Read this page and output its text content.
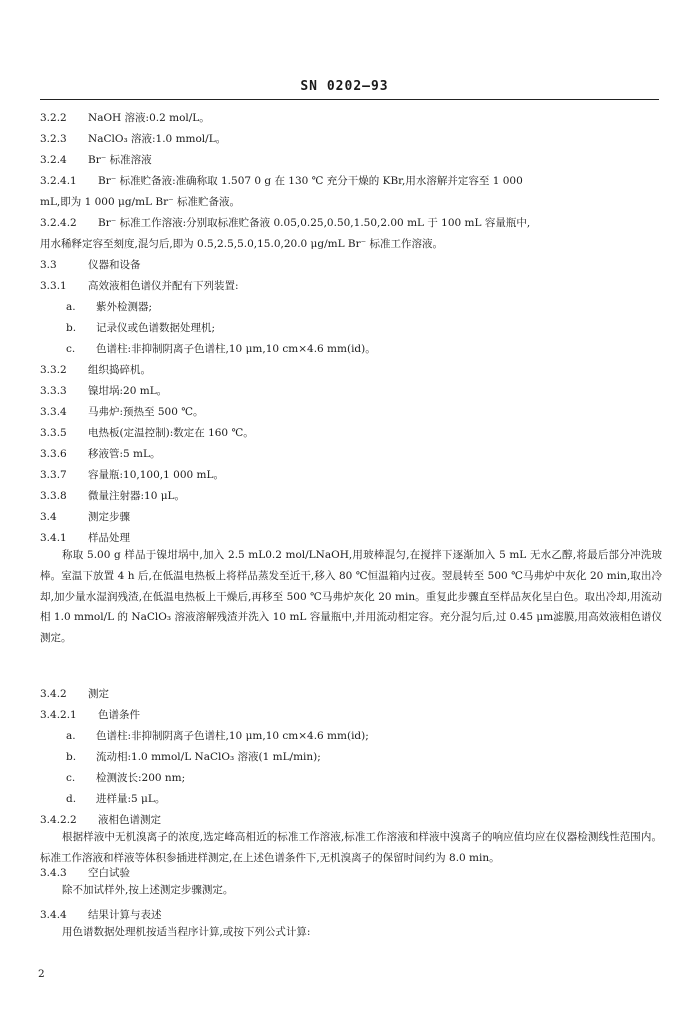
SN 0202—93
3.2.2 NaOH 溶液:0.2 mol/L。
3.2.3 NaClO₃ 溶液:1.0 mmol/L。
3.2.4 Br⁻ 标准溶液
3.2.4.1 Br⁻ 标准贮备液:准确称取 1.507 0 g 在 130 ℃ 充分干燥的 KBr,用水溶解并定容至 1 000
mL,即为 1 000 μg/mL Br⁻ 标准贮备液。
3.2.4.2 Br⁻ 标准工作溶液:分别取标准贮备液 0.05,0.25,0.50,1.50,2.00 mL 于 100 mL 容量瓶中,
用水稀释定容至刻度,混匀后,即为 0.5,2.5,5.0,15.0,20.0 μg/mL Br⁻ 标准工作溶液。
3.3	仪器和设备
3.3.1 高效液相色谱仪并配有下列装置:
a. 紫外检测器;
b. 记录仪或色谱数据处理机;
c. 色谱柱:非抑制阴离子色谱柱,10 μm,10 cm×4.6 mm(id)。
3.3.2 组织捣碎机。
3.3.3 镍坩埚:20 mL。
3.3.4 马弗炉:预热至 500 ℃。
3.3.5 电热板(定温控制):数定在 160 ℃。
3.3.6 移液管:5 mL。
3.3.7 容量瓶:10,100,1 000 mL。
3.3.8 微量注射器:10 μL。
3.4	测定步骤
3.4.1 样品处理
称取 5.00 g 样品于镍坩埚中,加入 2.5 mL0.2 mol/LNaOH,用玻棒混匀,在搅拌下逐渐加入 5 mL 无水乙醇,将最后部分冲洗玻棒。室温下放置 4 h 后,在低温电热板上将样品蒸发至近干,移入 80 ℃恒温箱内过夜。翌晨转至 500 ℃马弗炉中灰化 20 min,取出冷却,加少量水湿润残渣,在低温电热板上干燥后,再移至 500 ℃马弗炉灰化 20 min。重复此步骤直至样品灰化呈白色。取出冷却,用流动相 1.0 mmol/L 的 NaClO₃ 溶液溶解残渣并洗入 10 mL 容量瓶中,并用流动相定容。充分混匀后,过 0.45 μm滤膜,用高效液相色谱仪测定。
3.4.2 测定
3.4.2.1 色谱条件
a. 色谱柱:非抑制阴离子色谱柱,10 μm,10 cm×4.6 mm(id);
b. 流动相:1.0 mmol/L NaClO₃ 溶液(1 mL/min);
c. 检测波长:200 nm;
d. 进样量:5 μL。
3.4.2.2 液相色谱测定
根据样液中无机溴离子的浓度,选定峰高相近的标准工作溶液,标准工作溶液和样液中溴离子的响应值均应在仪器检测线性范围内。标准工作溶液和样液等体积参插进样测定,在上述色谱条件下,无机溴离子的保留时间约为 8.0 min。
3.4.3 空白试验
除不加试样外,按上述测定步骤测定。
3.4.4 结果计算与表述
用色谱数据处理机按适当程序计算,或按下列公式计算:
2
